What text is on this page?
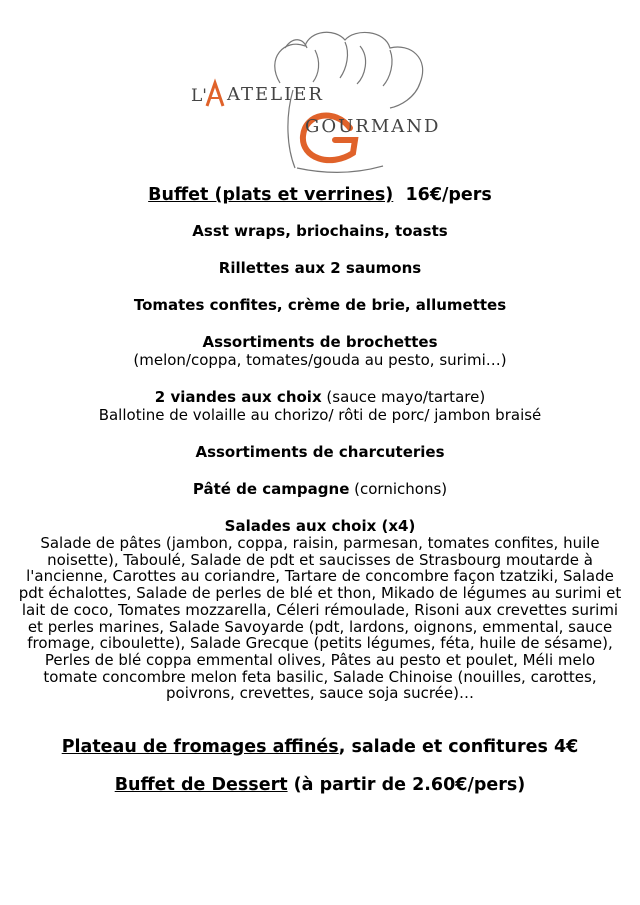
L' ATELIER
GOURMAND

Buffet (plats et verrines) 16€/pers

Asst wraps, briochains, toasts

Rillettes aux 2 saumons

Tomates confites, crème de brie, allumettes

Assortiments de brochettes

(melon/coppa, tomates/gouda au pesto, surimi…)

2 viandes aux choix (sauce mayo/tartare)

Ballotine de volaille au chorizo/ rôti de porc/ jambon braisé

Assortiments de charcuteries

Pâté de campagne (cornichons)

Salades aux choix (x4)

Salade de pâtes (jambon, coppa, raisin, parmesan, tomates confites, huile noisette), Taboulé, Salade de pdt et saucisses de Strasbourg moutarde à l'ancienne, Carottes au coriandre, Tartare de concombre façon tzatziki, Salade pdt échalottes, Salade de perles de blé et thon, Mikado de légumes au surimi et lait de coco, Tomates mozzarella, Céleri rémoulade, Risoni aux crevettes surimi et perles marines, Salade Savoyarde (pdt, lardons, oignons, emmental, sauce fromage, ciboulette), Salade Grecque (petits légumes, féta, huile de sésame), Perles de blé coppa emmental olives, Pâtes au pesto et poulet, Méli melo tomate concombre melon feta basilic, Salade Chinoise (nouilles, carottes, poivrons, crevettes, sauce soja sucrée)…

Plateau de fromages affinés, salade et confitures 4€

Buffet de Dessert (à partir de 2.60€/pers)
